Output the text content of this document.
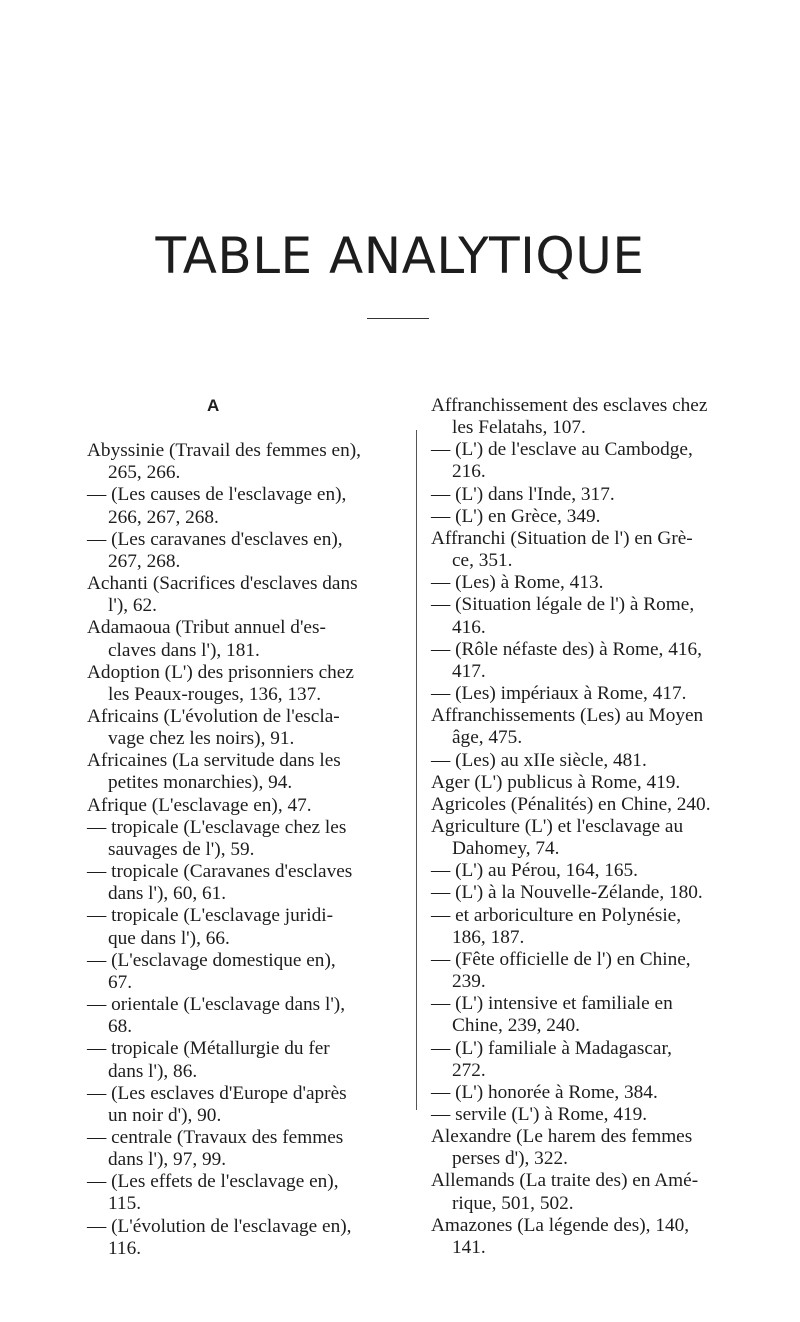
TABLE ANALYTIQUE
A

Abyssinie (Travail des femmes en),
265, 266.

— (Les causes de l'esclavage en),
266, 267, 268.

— (Les caravanes d'esclaves en),
267, 268.

Achanti (Sacrifices d'esclaves dans
l'), 62.

Adamaoua (Tribut annuel d'es-
claves dans l'), 181.

Adoption (L') des prisonniers chez
les Peaux-rouges, 136, 137.

Africains (L'évolution de l'escla-
vage chez les noirs), 91.

Africaines (La servitude dans les
petites monarchies), 94.

Afrique (L'esclavage en), 47.

— tropicale (L'esclavage chez les
sauvages de l'), 59.

— tropicale (Caravanes d'esclaves
dans l'), 60, 61.

— tropicale (L'esclavage juridi-
que dans l'), 66.

— (L'esclavage domestique en),
67.

— orientale (L'esclavage dans l'),
68.

— tropicale (Métallurgie du fer
dans l'), 86.

— (Les esclaves d'Europe d'après
un noir d'), 90.

— centrale (Travaux des femmes
dans l'), 97, 99.

— (Les effets de l'esclavage en),
115.

— (L'évolution de l'esclavage en),
116.

Affranchissement des esclaves chez
les Felatahs, 107.

— (L') de l'esclave au Cambodge,
216.

— (L') dans l'Inde, 317.

— (L') en Grèce, 349.

Affranchi (Situation de l') en Grè-
ce, 351.

— (Les) à Rome, 413.

— (Situation légale de l') à Rome,
416.

— (Rôle néfaste des) à Rome, 416,
417.

— (Les) impériaux à Rome, 417.

Affranchissements (Les) au Moyen
âge, 475.

— (Les) au xIIe siècle, 481.

Ager (L') publicus à Rome, 419.

Agricoles (Pénalités) en Chine, 240.

Agriculture (L') et l'esclavage au
Dahomey, 74.

— (L') au Pérou, 164, 165.

— (L') à la Nouvelle-Zélande, 180.

— et arboriculture en Polynésie,
186, 187.

— (Fête officielle de l') en Chine,
239.

— (L') intensive et familiale en
Chine, 239, 240.

— (L') familiale à Madagascar,
272.

— (L') honorée à Rome, 384.

— servile (L') à Rome, 419.

Alexandre (Le harem des femmes
perses d'), 322.

Allemands (La traite des) en Amé-
rique, 501, 502.

Amazones (La légende des), 140,
141.
